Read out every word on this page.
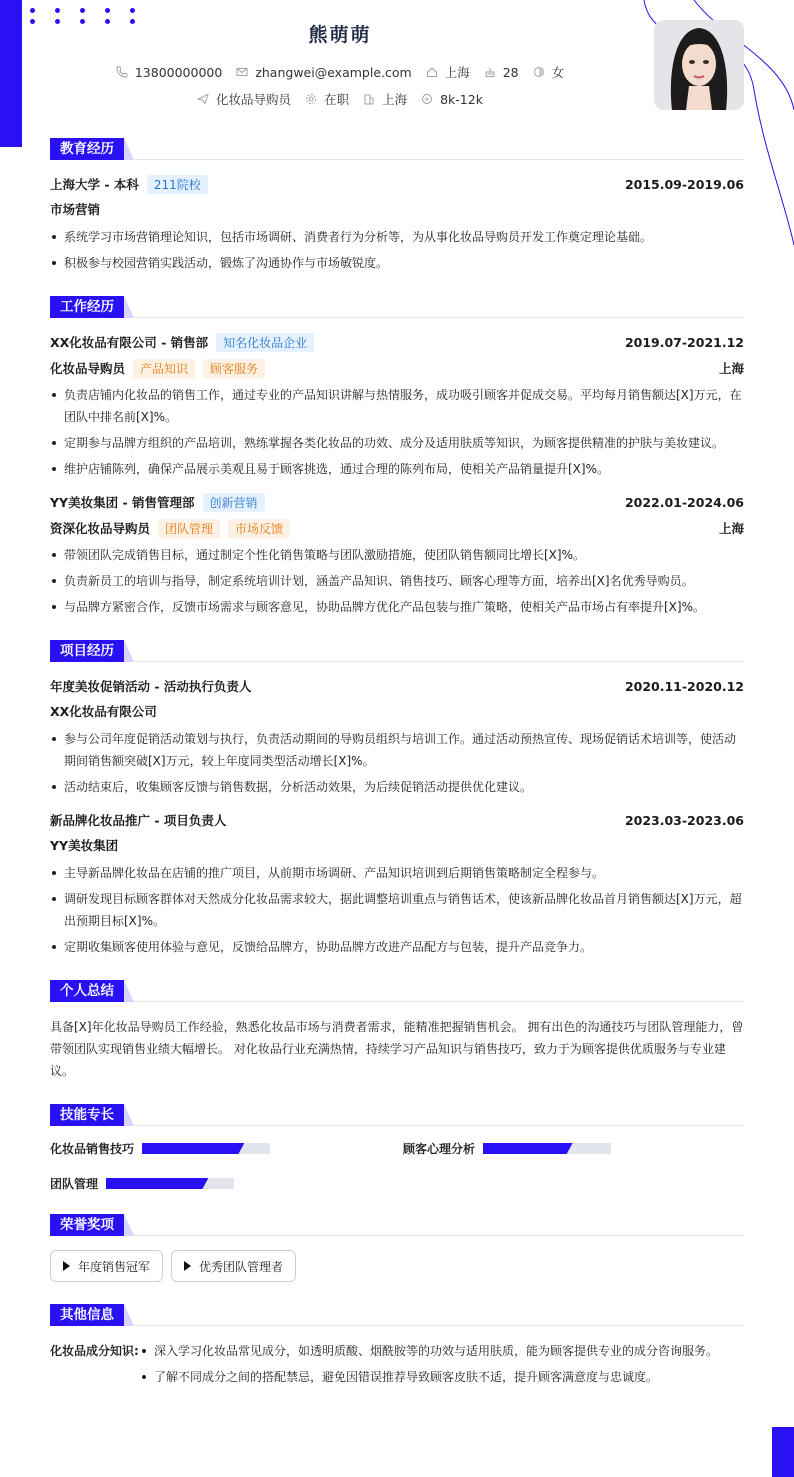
熊萌萌
13800000000	zhangwei@example.com	上海	28	女
化妆品导购员	在职	上海	8k-12k
教育经历
上海大学 - 本科	211院校	2015.09-2019.06
市场营销
系统学习市场营销理论知识，包括市场调研、消费者行为分析等，为从事化妆品导购员开发工作奠定理论基础。
积极参与校园营销实践活动，锻炼了沟通协作与市场敏锐度。
工作经历
XX化妆品有限公司 - 销售部	知名化妆品企业	2019.07-2021.12
化妆品导购员	产品知识	顾客服务	上海
负责店铺内化妆品的销售工作，通过专业的产品知识讲解与热情服务，成功吸引顾客并促成交易。平均每月销售额达[X]万元，在团队中排名前[X]%。
定期参与品牌方组织的产品培训，熟练掌握各类化妆品的功效、成分及适用肤质等知识，为顾客提供精准的护肤与美妆建议。
维护店铺陈列，确保产品展示美观且易于顾客挑选，通过合理的陈列布局，使相关产品销量提升[X]%。
YY美妆集团 - 销售管理部	创新营销	2022.01-2024.06
资深化妆品导购员	团队管理	市场反馈	上海
带领团队完成销售目标，通过制定个性化销售策略与团队激励措施，使团队销售额同比增长[X]%。
负责新员工的培训与指导，制定系统培训计划，涵盖产品知识、销售技巧、顾客心理等方面，培养出[X]名优秀导购员。
与品牌方紧密合作，反馈市场需求与顾客意见，协助品牌方优化产品包装与推广策略，使相关产品市场占有率提升[X]%。
项目经历
年度美妆促销活动 - 活动执行负责人	2020.11-2020.12
XX化妆品有限公司
参与公司年度促销活动策划与执行，负责活动期间的导购员组织与培训工作。通过活动预热宣传、现场促销话术培训等，使活动期间销售额突破[X]万元，较上年度同类型活动增长[X]%。
活动结束后，收集顾客反馈与销售数据，分析活动效果，为后续促销活动提供优化建议。
新品牌化妆品推广 - 项目负责人	2023.03-2023.06
YY美妆集团
主导新品牌化妆品在店铺的推广项目，从前期市场调研、产品知识培训到后期销售策略制定全程参与。
调研发现目标顾客群体对天然成分化妆品需求较大，据此调整培训重点与销售话术，使该新品牌化妆品首月销售额达[X]万元，超出预期目标[X]%。
定期收集顾客使用体验与意见，反馈给品牌方，协助品牌方改进产品配方与包装，提升产品竞争力。
个人总结

具备[X]年化妆品导购员工作经验，熟悉化妆品市场与消费者需求，能精准把握销售机会。 拥有出色的沟通技巧与团队管理能力，曾带领团队实现销售业绩大幅增长。 对化妆品行业充满热情，持续学习产品知识与销售技巧，致力于为顾客提供优质服务与专业建议。

技能专长
化妆品销售技巧	顾客心理分析
团队管理
荣誉奖项
年度销售冠军	优秀团队管理者
其他信息
化妆品成分知识:	深入学习化妆品常见成分，如透明质酸、烟酰胺等的功效与适用肤质，能为顾客提供专业的成分咨询服务。
了解不同成分之间的搭配禁忌，避免因错误推荐导致顾客皮肤不适，提升顾客满意度与忠诚度。
